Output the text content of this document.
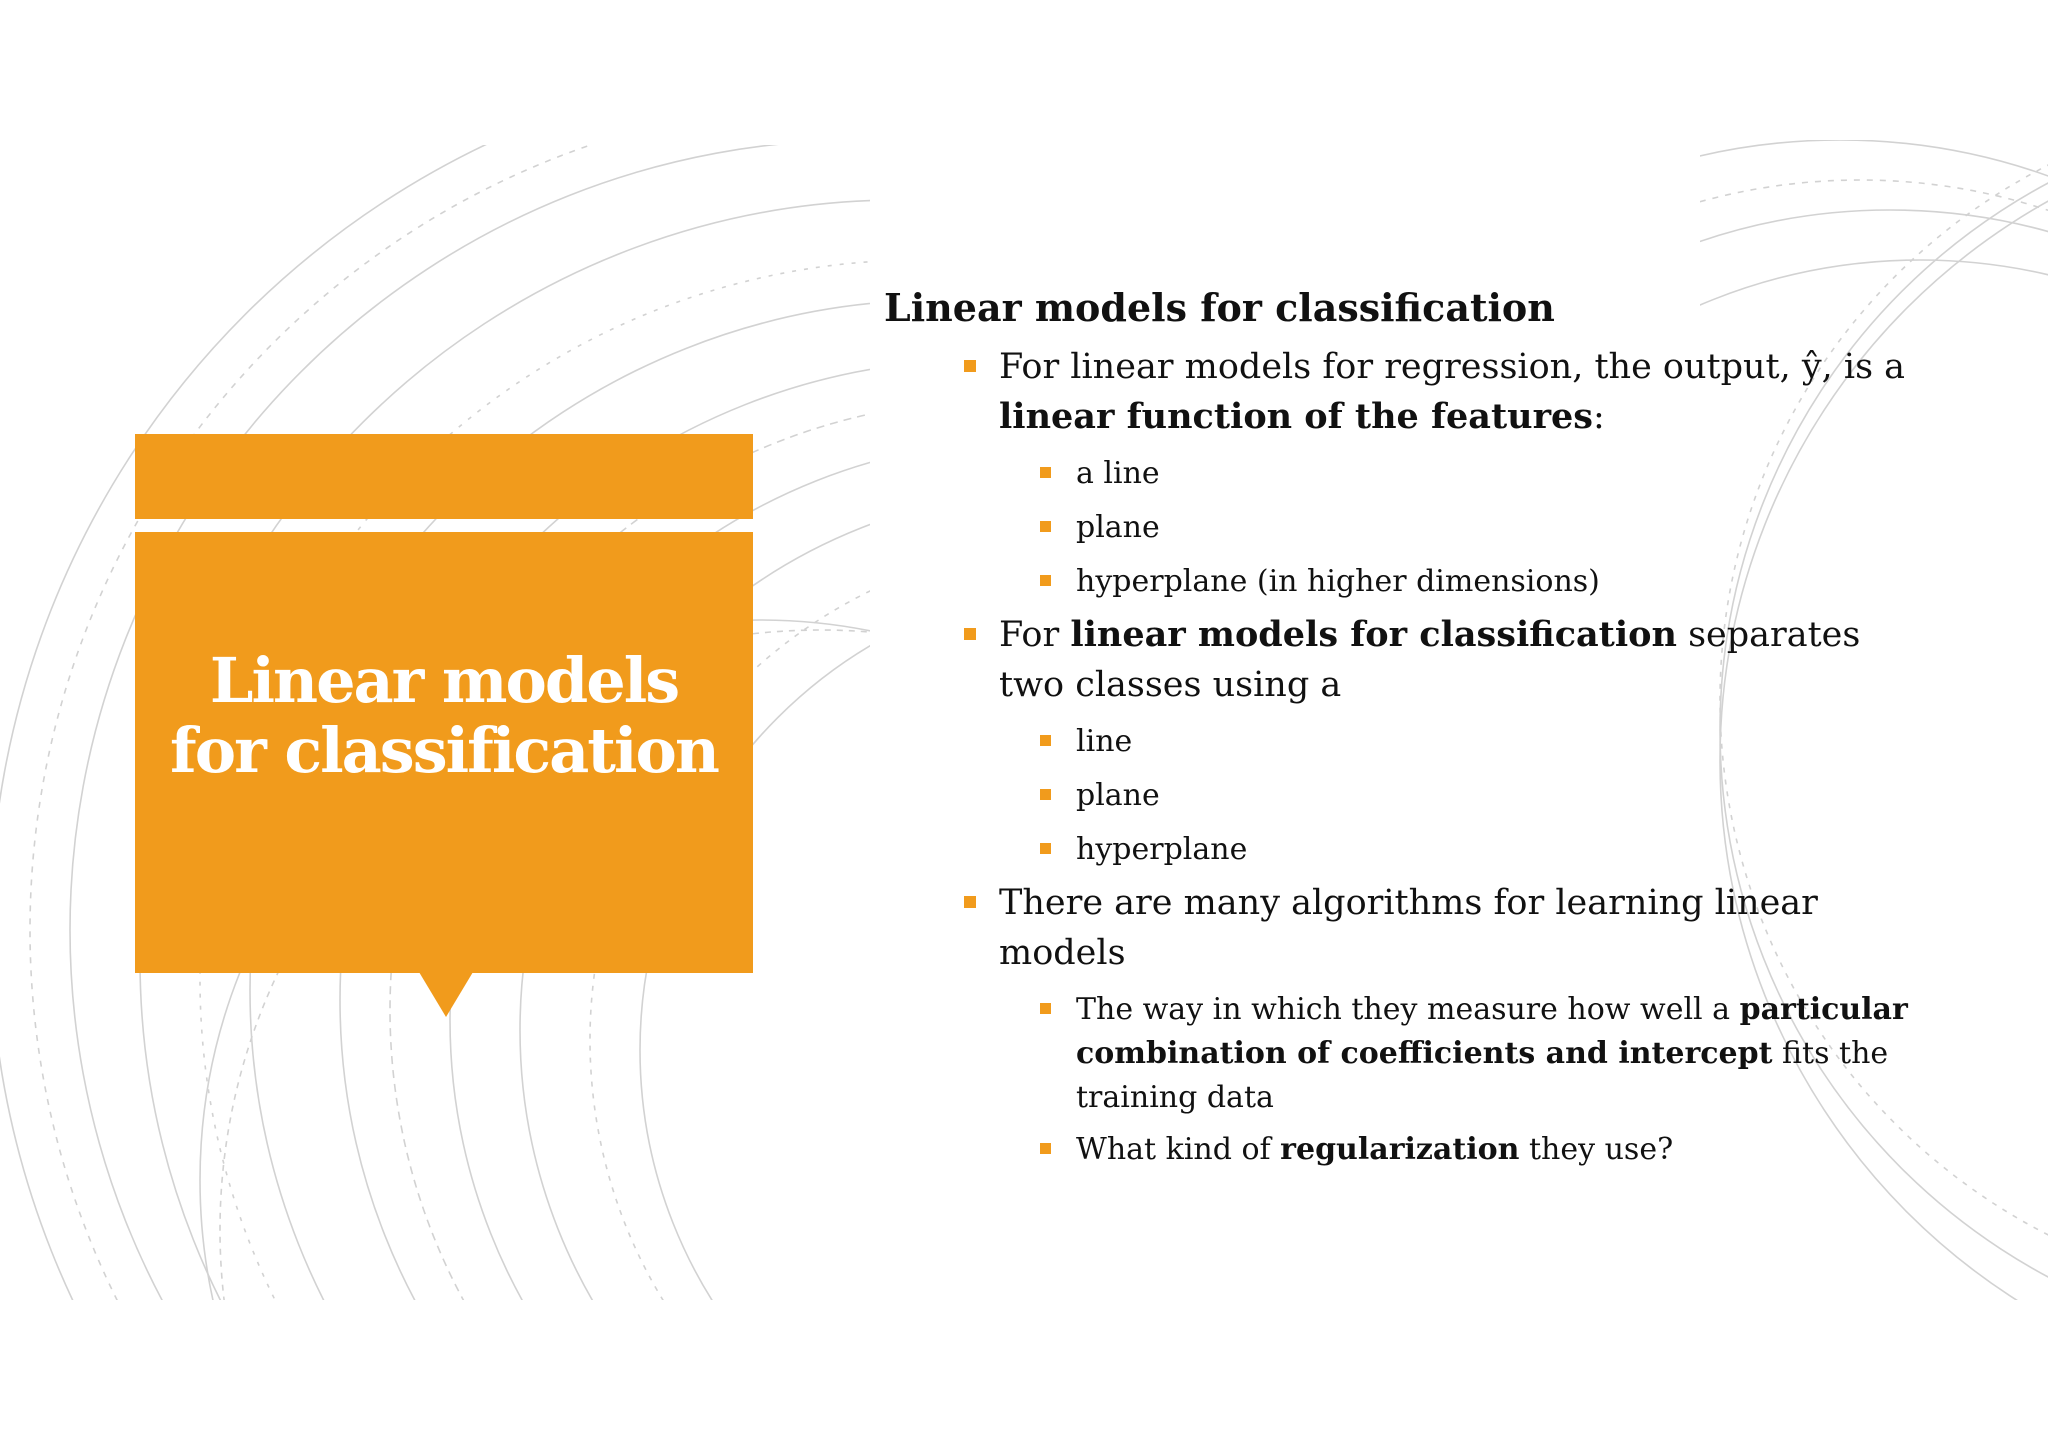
Linear models
for classification
Linear models for classification
For linear models for regression, the output, ŷ, is a linear function of the features:
a line
plane
hyperplane (in higher dimensions)
For linear models for classification separates two classes using a
line
plane
hyperplane
There are many algorithms for learning linear models
The way in which they measure how well a particular combination of coefficients and intercept fits the training data
What kind of regularization they use?
